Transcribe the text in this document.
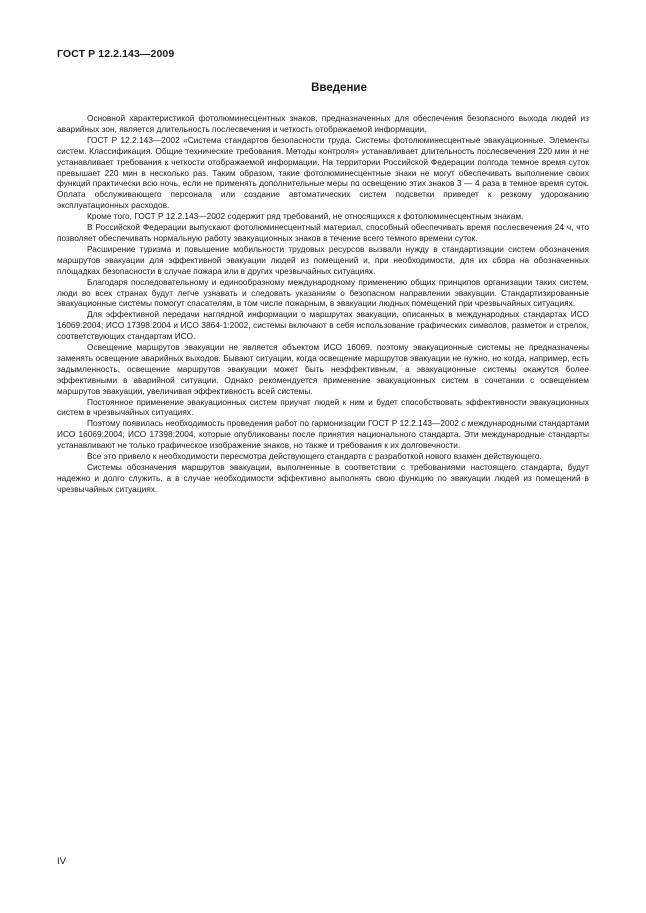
ГОСТ Р 12.2.143—2009
Введение

Основной характеристикой фотолюминесцентных знаков, предназначенных для обеспечения безопасного выхода людей из аварийных зон, является длительность послесвечения и четкость отображаемой информации.

ГОСТ Р 12.2.143—2002 «Система стандартов безопасности труда. Системы фотолюминесцентные эвакуационные. Элементы систем. Классификация. Общие технические требования. Методы контроля» устанавливает длительность послесвечения 220 мин и не устанавливает требования к четкости отображаемой информации. На территории Российской Федерации полгода темное время суток превышает 220 мин в несколько раз. Таким образом, такие фотолюминесцентные знаки не могут обеспечивать выполнение своих функций практически всю ночь, если не применять дополнительные меры по освещению этих знаков 3 — 4 раза в темное время суток. Оплата обслуживающего персонала или создание автоматических систем подсветки приведет к резкому удорожанию эксплуатационных расходов.

Кроме того, ГОСТ Р 12.2.143—2002 содержит ряд требований, не относящихся к фотолюминесцентным знакам.

В Российской Федерации выпускают фотолюминесцентный материал, способный обеспечивать время послесвечения 24 ч, что позволяет обеспечивать нормальную работу эвакуационных знаков в течение всего темного времени суток.

Расширение туризма и повышение мобильности трудовых ресурсов вызвали нужду в стандартизации систем обозначения маршрутов эвакуации для эффективной эвакуации людей из помещений и, при необходимости, для их сбора на обозначенных площадках безопасности в случае пожара или в других чрезвычайных ситуациях.

Благодаря последовательному и единообразному международному применению общих принципов организации таких систем, люди во всех странах будут легче узнавать и следовать указаниям о безопасном направлении эвакуации. Стандартизированные эвакуационные системы помогут спасателям, в том числе пожарным, в эвакуации людных помещений при чрезвычайных ситуациях.

Для эффективной передачи наглядной информации о маршрутах эвакуации, описанных в международных стандартах ИСО 16069:2004; ИСО 17398:2004 и ИСО 3864-1:2002, системы включают в себя использование графических символов, разметок и стрелок, соответствующих стандартам ИСО.

Освещение маршрутов эвакуации не является объектом ИСО 16069, поэтому эвакуационные системы не предназначены заменять освещение аварийных выходов. Бывают ситуации, когда освещение маршрутов эвакуации не нужно, но когда, например, есть задымленность, освещение маршрутов эвакуации может быть неэффективным, а эвакуационные системы окажутся более эффективными в аварийной ситуации. Однако рекомендуется применение эвакуационных систем в сочетании с освещением маршрутов эвакуации, увеличивая эффективность всей системы.

Постоянное применение эвакуационных систем приучат людей к ним и будет способствовать эффективности эвакуационных систем в чрезвычайных ситуациях.

Поэтому появилась необходимость проведения работ по гармонизации ГОСТ Р 12.2.143—2002 с международными стандартами ИСО 16069:2004; ИСО 17398:2004, которые опубликованы после принятия национального стандарта. Эти международные стандарты устанавливают не только графическое изображение знаков, но также и требования к их долговечности.

Все это привело к необходимости пересмотра действующего стандарта с разработкой нового взамен действующего.

Системы обозначения маршрутов эвакуации, выполненные в соответствии с требованиями настоящего стандарта, будут надежно и долго служить, а в случае необходимости эффективно выполнять свою функцию по эвакуации людей из помещений в чрезвычайных ситуациях.

IV
